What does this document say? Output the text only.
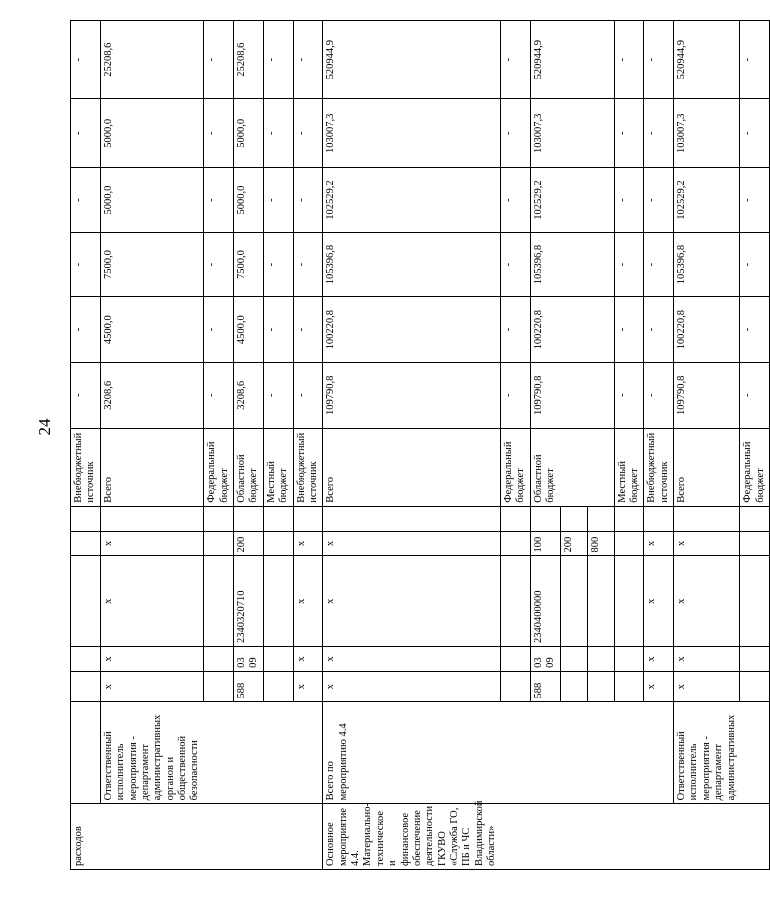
24
расходов							Внебюджетный источник	-	-	-	-	-	-
	Ответственный исполнитель мероприятия - департамент административных органов и общественной безопасности	х	х	х	х		Всего	3208,6	4500,0	7500,0	5000,0	5000,0	25208,6
							Федеральный бюджет	-	-	-	-	-	-
		588	03 09	2340320710	200		Областной бюджет	3208,6	4500,0	7500,0	5000,0	5000,0	25208,6
							Местный бюджет	-	-	-	-	-	-
		х	х	х	х		Внебюджетный источник	-	-	-	-	-	-
Основное мероприятие 4.4. Материально-техническое и финансовое обеспечение деятельности ГКУВО «Служба ГО, ПБ и ЧС Владимирской области»	Всего по мероприятию 4.4	х	х	х	х		Всего	109790,8	100220,8	105396,8	102529,2	103007,3	520944,9
							Федеральный бюджет	-	-	-	-	-	-
		588	03 09	2340400000	100		Областной бюджет	109790,8	100220,8	105396,8	102529,2	103007,3	520944,9
					200								
					800								
							Местный бюджет	-	-	-	-	-	-
		х	х	х	х		Внебюджетный источник	-	-	-	-	-	-
	Ответственный исполнитель мероприятия - департамент административных	х	х	х	х		Всего	109790,8	100220,8	105396,8	102529,2	103007,3	520944,9
							Федеральный бюджет	-	-	-	-	-	-
